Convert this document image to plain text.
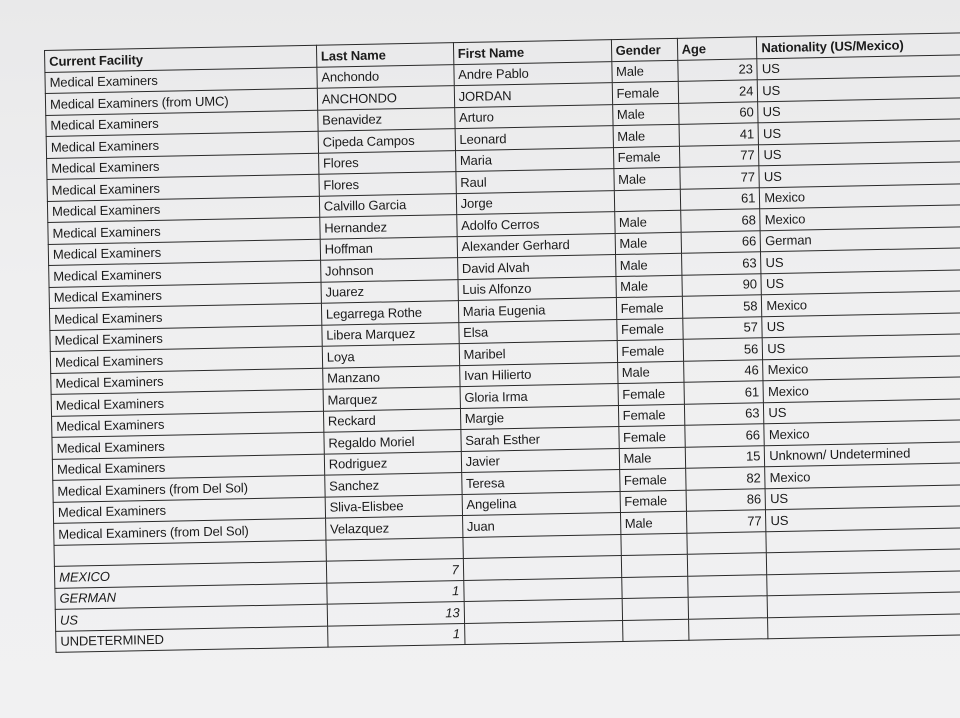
Current Facility	Last Name	First Name	Gender	Age	Nationality (US/Mexico)
Medical Examiners	Anchondo	Andre Pablo	Male	23	US
Medical Examiners (from UMC)	ANCHONDO	JORDAN	Female	24	US
Medical Examiners	Benavidez	Arturo	Male	60	US
Medical Examiners	Cipeda Campos	Leonard	Male	41	US
Medical Examiners	Flores	Maria	Female	77	US
Medical Examiners	Flores	Raul	Male	77	US
Medical Examiners	Calvillo Garcia	Jorge		61	Mexico
Medical Examiners	Hernandez	Adolfo Cerros	Male	68	Mexico
Medical Examiners	Hoffman	Alexander Gerhard	Male	66	German
Medical Examiners	Johnson	David Alvah	Male	63	US
Medical Examiners	Juarez	Luis Alfonzo	Male	90	US
Medical Examiners	Legarrega Rothe	Maria Eugenia	Female	58	Mexico
Medical Examiners	Libera Marquez	Elsa	Female	57	US
Medical Examiners	Loya	Maribel	Female	56	US
Medical Examiners	Manzano	Ivan Hilierto	Male	46	Mexico
Medical Examiners	Marquez	Gloria Irma	Female	61	Mexico
Medical Examiners	Reckard	Margie	Female	63	US
Medical Examiners	Regaldo Moriel	Sarah Esther	Female	66	Mexico
Medical Examiners	Rodriguez	Javier	Male	15	Unknown/ Undetermined
Medical Examiners (from Del Sol)	Sanchez	Teresa	Female	82	Mexico
Medical Examiners	Sliva-Elisbee	Angelina	Female	86	US
Medical Examiners (from Del Sol)	Velazquez	Juan	Male	77	US

MEXICO	7				
GERMAN	1				
US	13				
UNDETERMINED	1				
